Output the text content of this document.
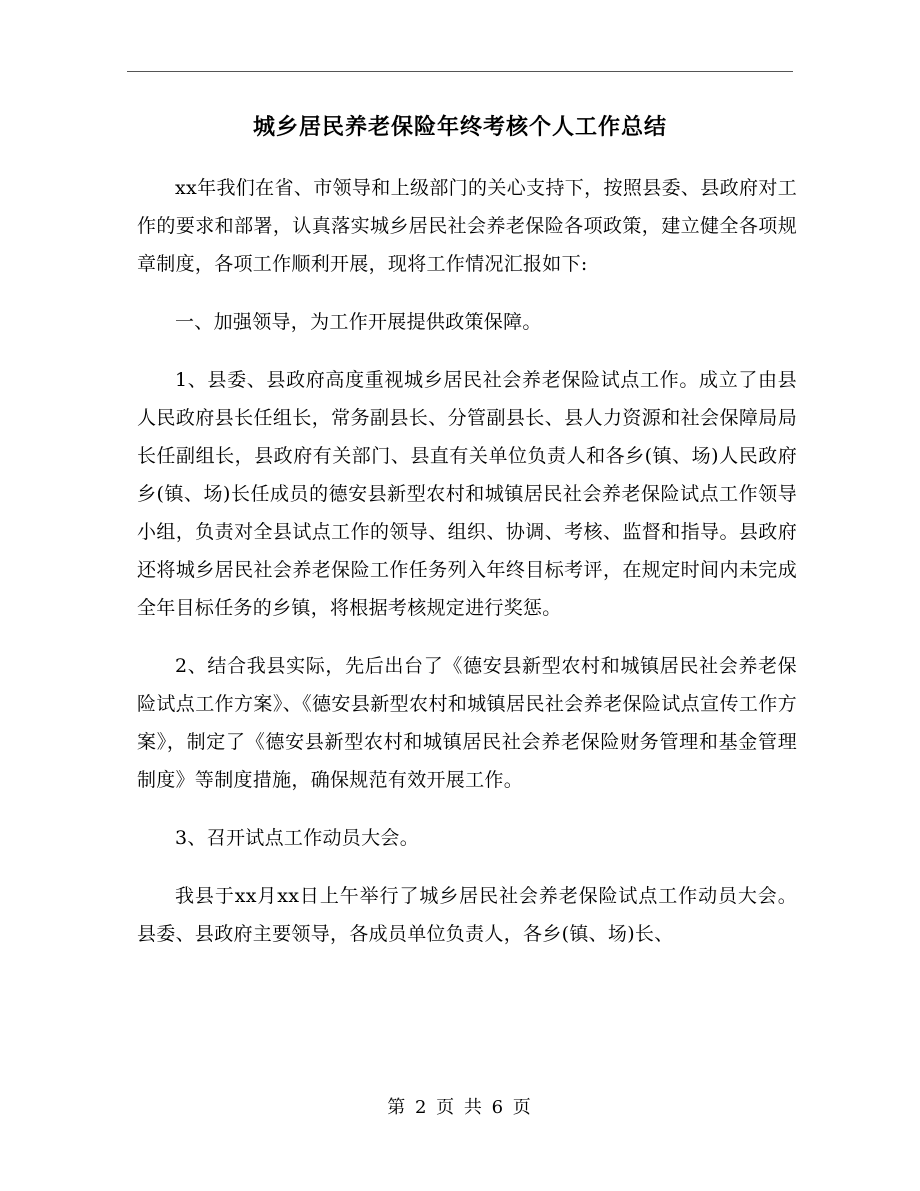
城乡居民养老保险年终考核个人工作总结

xx年我们在省、市领导和上级部门的关心支持下，按照县委、县政府对工作的要求和部署，认真落实城乡居民社会养老保险各项政策，建立健全各项规章制度，各项工作顺利开展，现将工作情况汇报如下:

一、加强领导，为工作开展提供政策保障。

1、县委、县政府高度重视城乡居民社会养老保险试点工作。成立了由县人民政府县长任组长，常务副县长、分管副县长、县人力资源和社会保障局局长任副组长，县政府有关部门、县直有关单位负责人和各乡(镇、场)人民政府乡(镇、场)长任成员的德安县新型农村和城镇居民社会养老保险试点工作领导小组，负责对全县试点工作的领导、组织、协调、考核、监督和指导。县政府还将城乡居民社会养老保险工作任务列入年终目标考评，在规定时间内未完成全年目标任务的乡镇，将根据考核规定进行奖惩。

2、结合我县实际，先后出台了《德安县新型农村和城镇居民社会养老保险试点工作方案》、《德安县新型农村和城镇居民社会养老保险试点宣传工作方案》，制定了《德安县新型农村和城镇居民社会养老保险财务管理和基金管理制度》等制度措施，确保规范有效开展工作。

3、召开试点工作动员大会。

我县于xx月xx日上午举行了城乡居民社会养老保险试点工作动员大会。县委、县政府主要领导，各成员单位负责人，各乡(镇、场)长、

第 2 页 共 6 页
